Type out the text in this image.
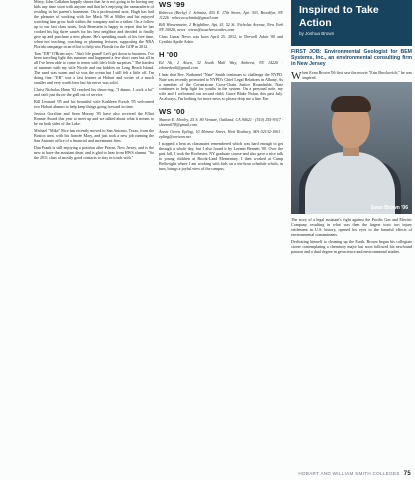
Missy, John Callahan happily shares that he is not going to be having any kids any time soon with anyone and that he's enjoying the camaraderie of residing in his parent's basement. On a professional note, Hugh has had the pleasure of working with Joe Mack '98 at Miller and his enjoyed watching him grow both within the company and as a father. On a follow up to our last class notes, Josh Bernstein is happy to report that he has cooked his big three sautés for his best neighbor and decided to finally give up and purchase a new phone. He's spending much of his free time, when not teaching, coaching or planning lectures, supporting the NRA Florida campaign in an effort to help win Florida for the GOP in 2012.

Tom "EB" O'Brien says: "Ain't life grand! Let's get down to business. I've been traveling light this summer and happened a few short ones but all in all I've been able to come to terms with life's little surprises." The hardest of summer with my wife Nicole and our kiddies on Long Beach Island. The sand was warm and so was the ocean but I still felt a little off. I'm doing fine. "EB" was a fast learner at Hobart and writer of a much smaller and very worth beer but his nerve was solid.

Christ Nicholas Hann '02 reached his throw-ing. "I dunno, I cook a lot" and can't just throw the grill out of service.

Bill Leonard '05 and his beautiful wife Kathleen Forsch '05 welcomed two Hobart alumni to help keep things going forward in time.

Jessica Gorsline and Sean Murray '05 have also received the Elliot Ronnie Award this year to meet up and we talked about what it means to be on both sides of the Lake.

Michael "Mike" Rice has recently moved to San Antonio, Texas, from the Boston area, with his fiancée Mary, and just took a new job running the San Antonio office of a financial and investment firm.

Dan Frank is still enjoying a position after Pearse, New Jersey, and is the new to have the assistant dean, and is glad to hear from HWS alumni. "So the 2011 class of mostly good contacts to stay in touch with."

WS '99

Rebecca (Becky) J. Schmitz, 455 E. 17th Street, Apt. 303, Brooklyn, NY 11226 · rebecca.schmitz@gmail.com

Bill Wiesenmeier, 2 Brightline, Apt. 4J, 52 St. Nicholas Avenue, New York NY 10026, news · wiesn@usacheesecakes.com

Class Lunar News was born April 25, 2012, to Drewell Adair '00 and Cynthia Aprile Adair.

H '00

Ed Ali, 2 Aisen, 32 South Mall Way, Amherst, NY 14226 · edwardeali@gmail.com

I hear that Rev. Nathaniel "Nate" Smith continues to challenge the NYPD. Nate was recently promoted to NYPD's Chief Legal Relations in Albany. As a member of the Cornerstone Cross-Chain Justice Roundtable, Nate continues to help fight for youths in the system. On a personal note, my wife and I welcomed our second child, Grace Blake Nolan, this past July. As always, I'm looking for more news so please drop me a line. Em

WS '00

Sharon E. Morley, 25 S. 80 Venture, Oakland, CA 94621 · (510) 255-9317 · sharon678@gmail.com

Annie Green Epling, 10 Monroe Street, West Roxbury, MA 02132-1061 · epling@verizon.net

I stopped a beat as classmates remembered which was hard enough to get through a whole day, but I also found it by Leeann Bennett '00. Over the past fall, I took the Rochester, NY graduate course and also gave a nice talk to young children at Brook-Land Elementary. I then worked at Camp Bellwright where I am working with kids on a ten-hour schedule which, in turn, brings a joyful view of the campus.

Inspired to Take
Action
by Joshua Brown
FIRST JOB: Environmental Geologist for BEM Systems, Inc., an environmental consulting firm in New Jersey

When Evan Brown '06 first saw the movie "Erin Brockovich," he was inspired.

Evan Brown '06

The story of a legal assistant's fight against the Pacific Gas and Electric Company, resulting in what was then the largest toxic tort injury settlement in U.S. history, opened his eyes to the harmful effects of environmental contaminants.

Dedicating himself to cleaning up the Earth, Brown began his collegiate career contemplating a chemistry major but soon followed his newfound passion and a dual degree in geoscience and environmental studies.

HOBART AND WILLIAM SMITH COLLEGES 75
